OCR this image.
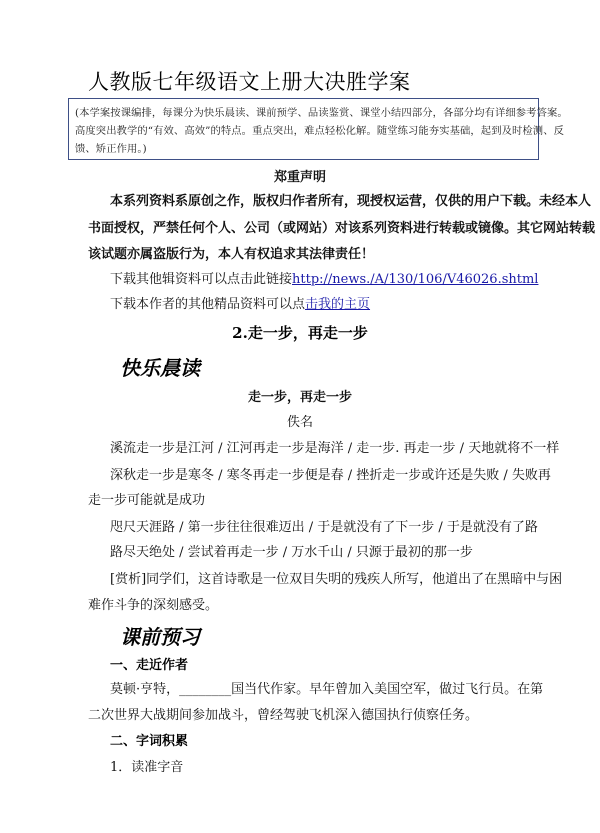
人教版七年级语文上册大决胜学案
(本学案按课编排，每课分为快乐晨读、课前预学、品读鉴赏、课堂小结四部分，各部分均有详细参考答案。
高度突出教学的“有效、高效”的特点。重点突出，难点轻松化解。随堂练习能夯实基础，起到及时检测、反
馈、矫正作用。)
郑重声明
本系列资料系原创之作，版权归作者所有，现授权运营，仅供的用户下载。未经本人
书面授权，严禁任何个人、公司（或网站）对该系列资料进行转载或镜像。其它网站转载
该试题亦属盗版行为，本人有权追求其法律责任！
下载其他辑资料可以点击此链接http://news./A/130/106/V46026.shtml
下载本作者的其他精品资料可以点击我的主页
2.走一步，再走一步
快乐晨读
走一步，再走一步
佚名
溪流走一步是江河 / 江河再走一步是海洋 / 走一步. 再走一步 / 天地就将不一样
深秋走一步是寒冬 / 寒冬再走一步便是春 / 挫折走一步或许还是失败 / 失败再
走一步可能就是成功
咫尺天涯路 / 第一步往往很难迈出 / 于是就没有了下一步 / 于是就没有了路
路尽天绝处 / 尝试着再走一步 / 万水千山 / 只源于最初的那一步
[赏析]同学们，这首诗歌是一位双目失明的残疾人所写，他道出了在黑暗中与困
难作斗争的深刻感受。
课前预习
一、走近作者
莫顿·亨特，________国当代作家。早年曾加入美国空军，做过飞行员。在第
二次世界大战期间参加战斗，曾经驾驶飞机深入德国执行侦察任务。
二、字词积累
1．读准字音
